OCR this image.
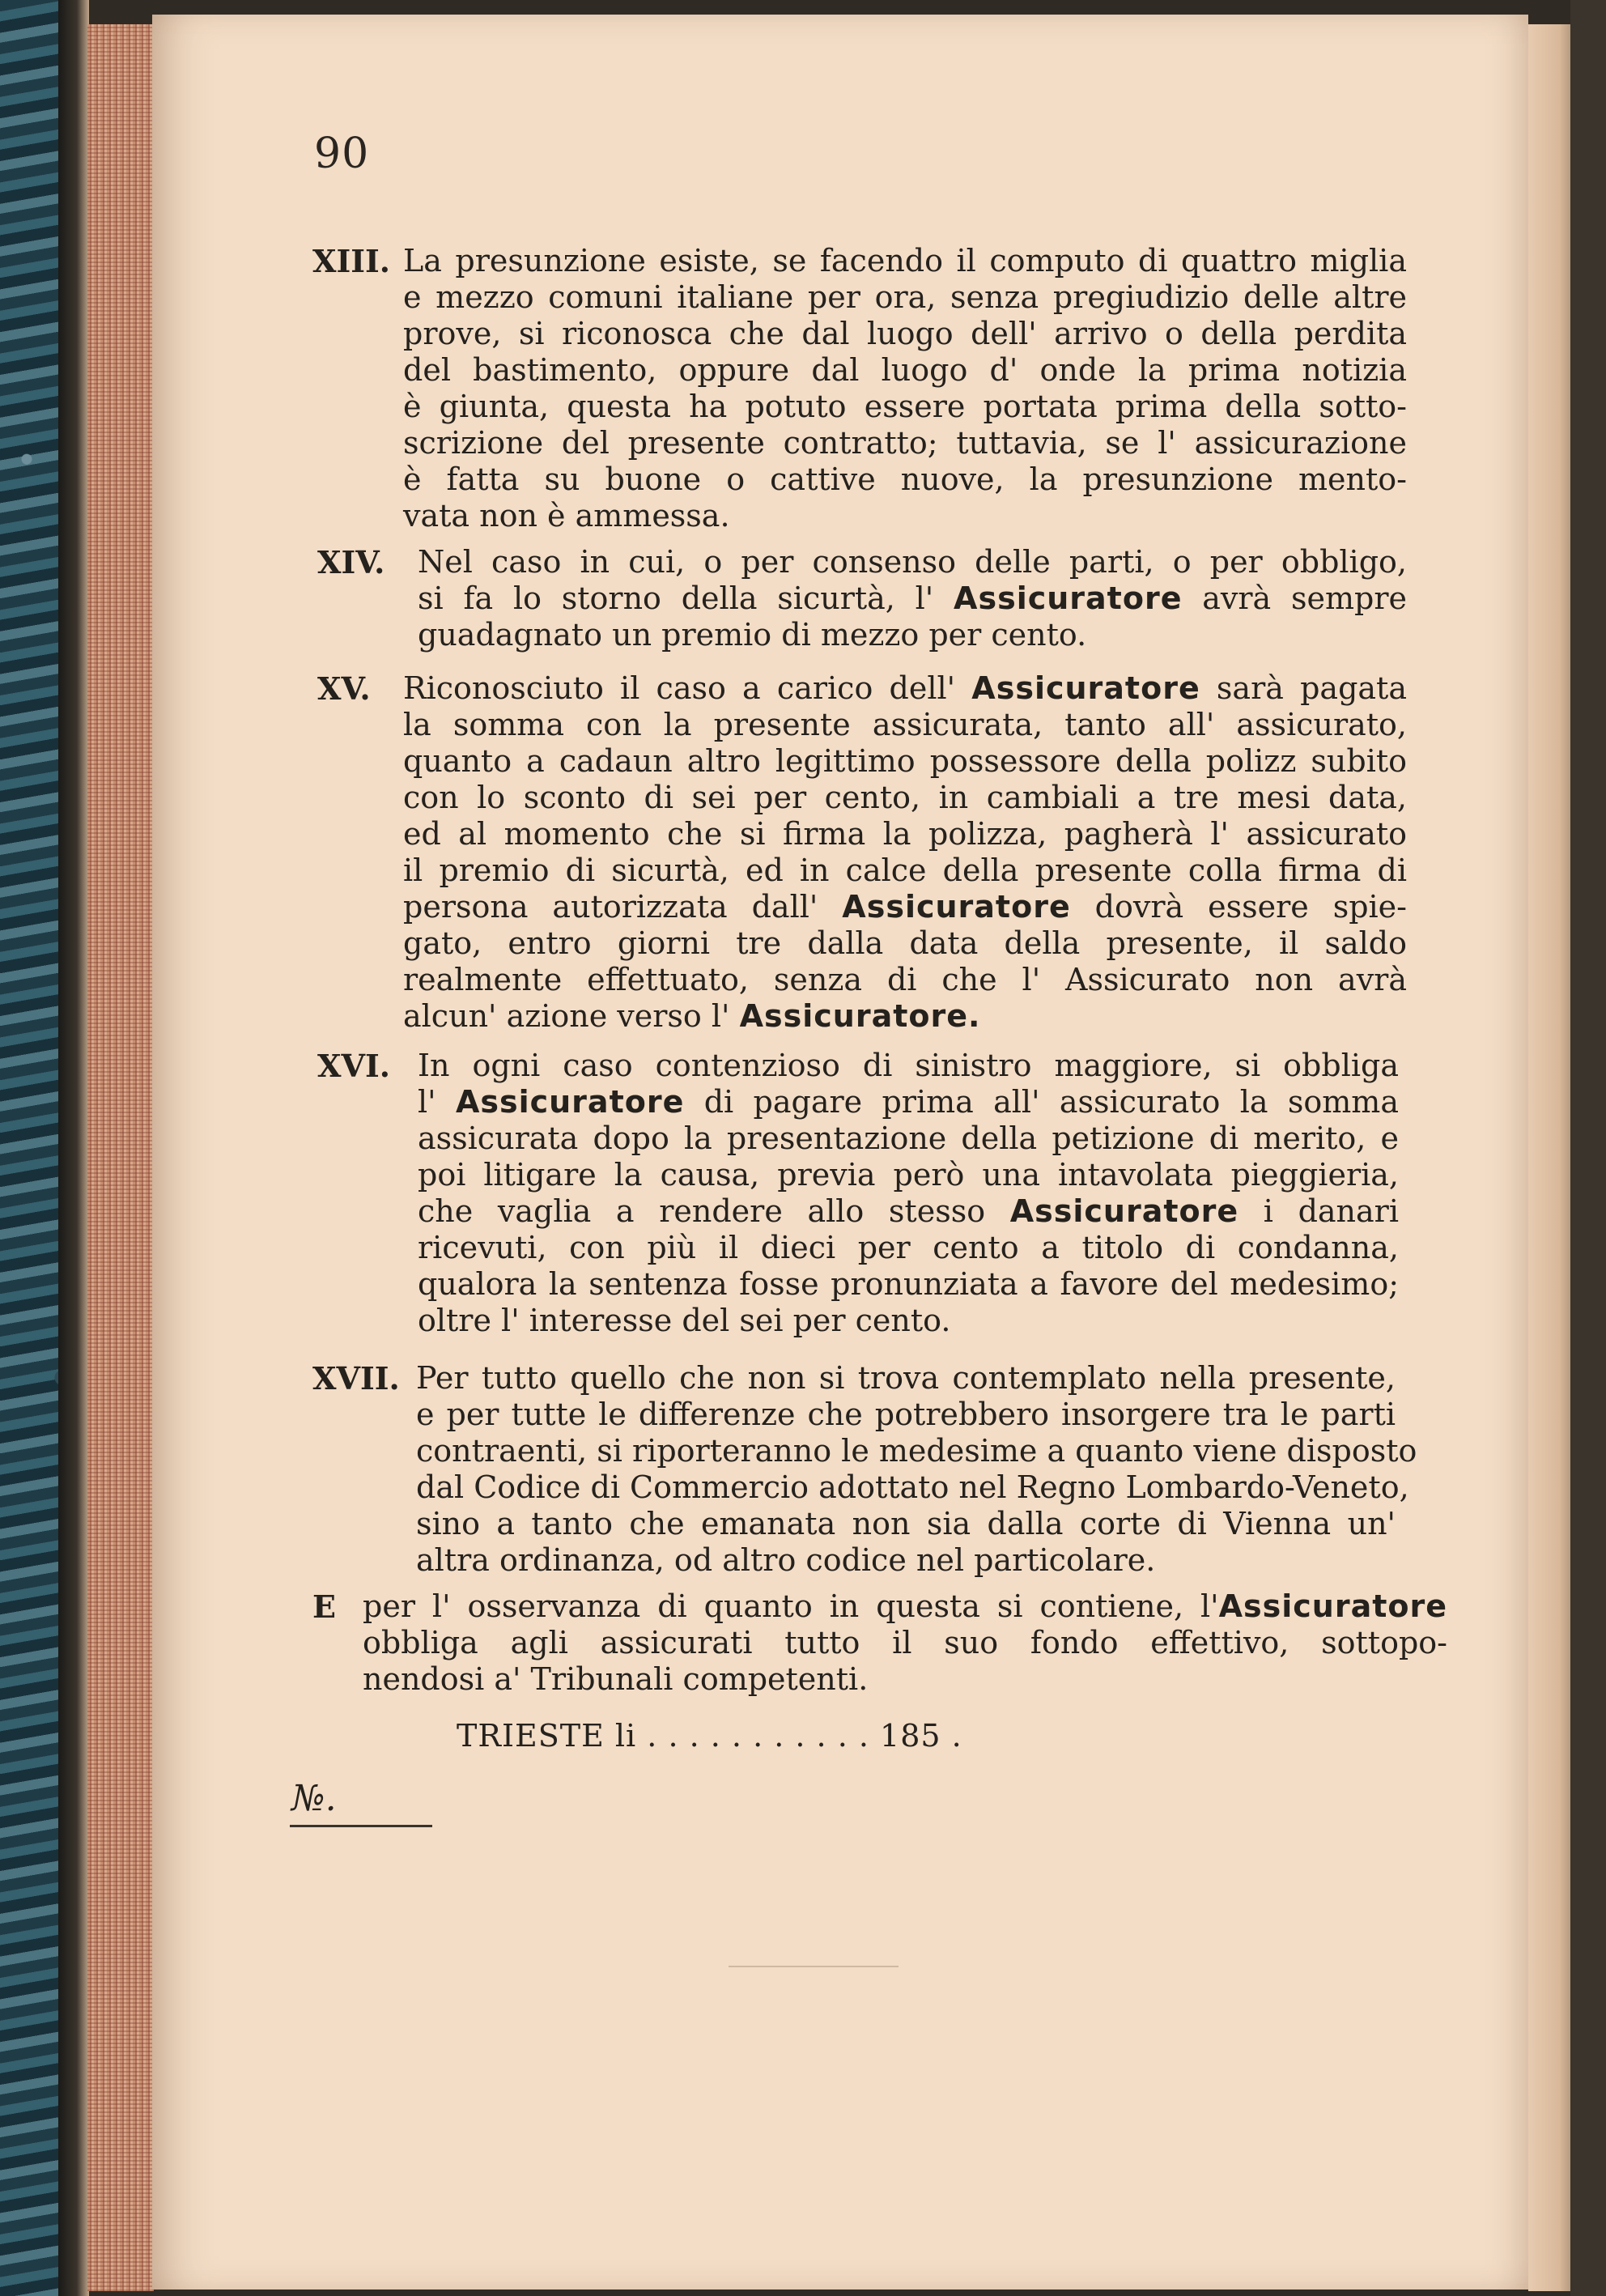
90
XIII. La presunzione esiste, se facendo il computo di quattro miglia
e mezzo comuni italiane per ora, senza pregiudizio delle altre
prove, si riconosca che dal luogo dell' arrivo o della perdita
del bastimento, oppure dal luogo d' onde la prima notizia
è giunta, questa ha potuto essere portata prima della sotto-
scrizione del presente contratto; tuttavia, se l' assicurazione
è fatta su buone o cattive nuove, la presunzione mento-
vata non è ammessa.
XIV. Nel caso in cui, o per consenso delle parti, o per obbligo,
si fa lo storno della sicurtà, l' Assicuratore avrà sempre
guadagnato un premio di mezzo per cento.
XV. Riconosciuto il caso a carico dell' Assicuratore sarà pagata
la somma con la presente assicurata, tanto all' assicurato,
quanto a cadaun altro legittimo possessore della polizz subito
con lo sconto di sei per cento, in cambiali a tre mesi data,
ed al momento che si firma la polizza, pagherà l' assicurato
il premio di sicurtà, ed in calce della presente colla firma di
persona autorizzata dall' Assicuratore dovrà essere spie-
gato, entro giorni tre dalla data della presente, il saldo
realmente effettuato, senza di che l' Assicurato non avrà
alcun' azione verso l' Assicuratore.
XVI. In ogni caso contenzioso di sinistro maggiore, si obbliga
l' Assicuratore di pagare prima all' assicurato la somma
assicurata dopo la presentazione della petizione di merito, e
poi litigare la causa, previa però una intavolata pieggieria,
che vaglia a rendere allo stesso Assicuratore i danari
ricevuti, con più il dieci per cento a titolo di condanna,
qualora la sentenza fosse pronunziata a favore del medesimo;
oltre l' interesse del sei per cento.
XVII. Per tutto quello che non si trova contemplato nella presente,
e per tutte le differenze che potrebbero insorgere tra le parti
contraenti, si riporteranno le medesime a quanto viene disposto
dal Codice di Commercio adottato nel Regno Lombardo-Veneto,
sino a tanto che emanata non sia dalla corte di Vienna un'
altra ordinanza, od altro codice nel particolare.
E per l' osservanza di quanto in questa si contiene, l'Assicuratore
obbliga agli assicurati tutto il suo fondo effettivo, sottopo-
nendosi a' Tribunali competenti.
TRIESTE li . . . . . . . . . . . 185 .
№.
